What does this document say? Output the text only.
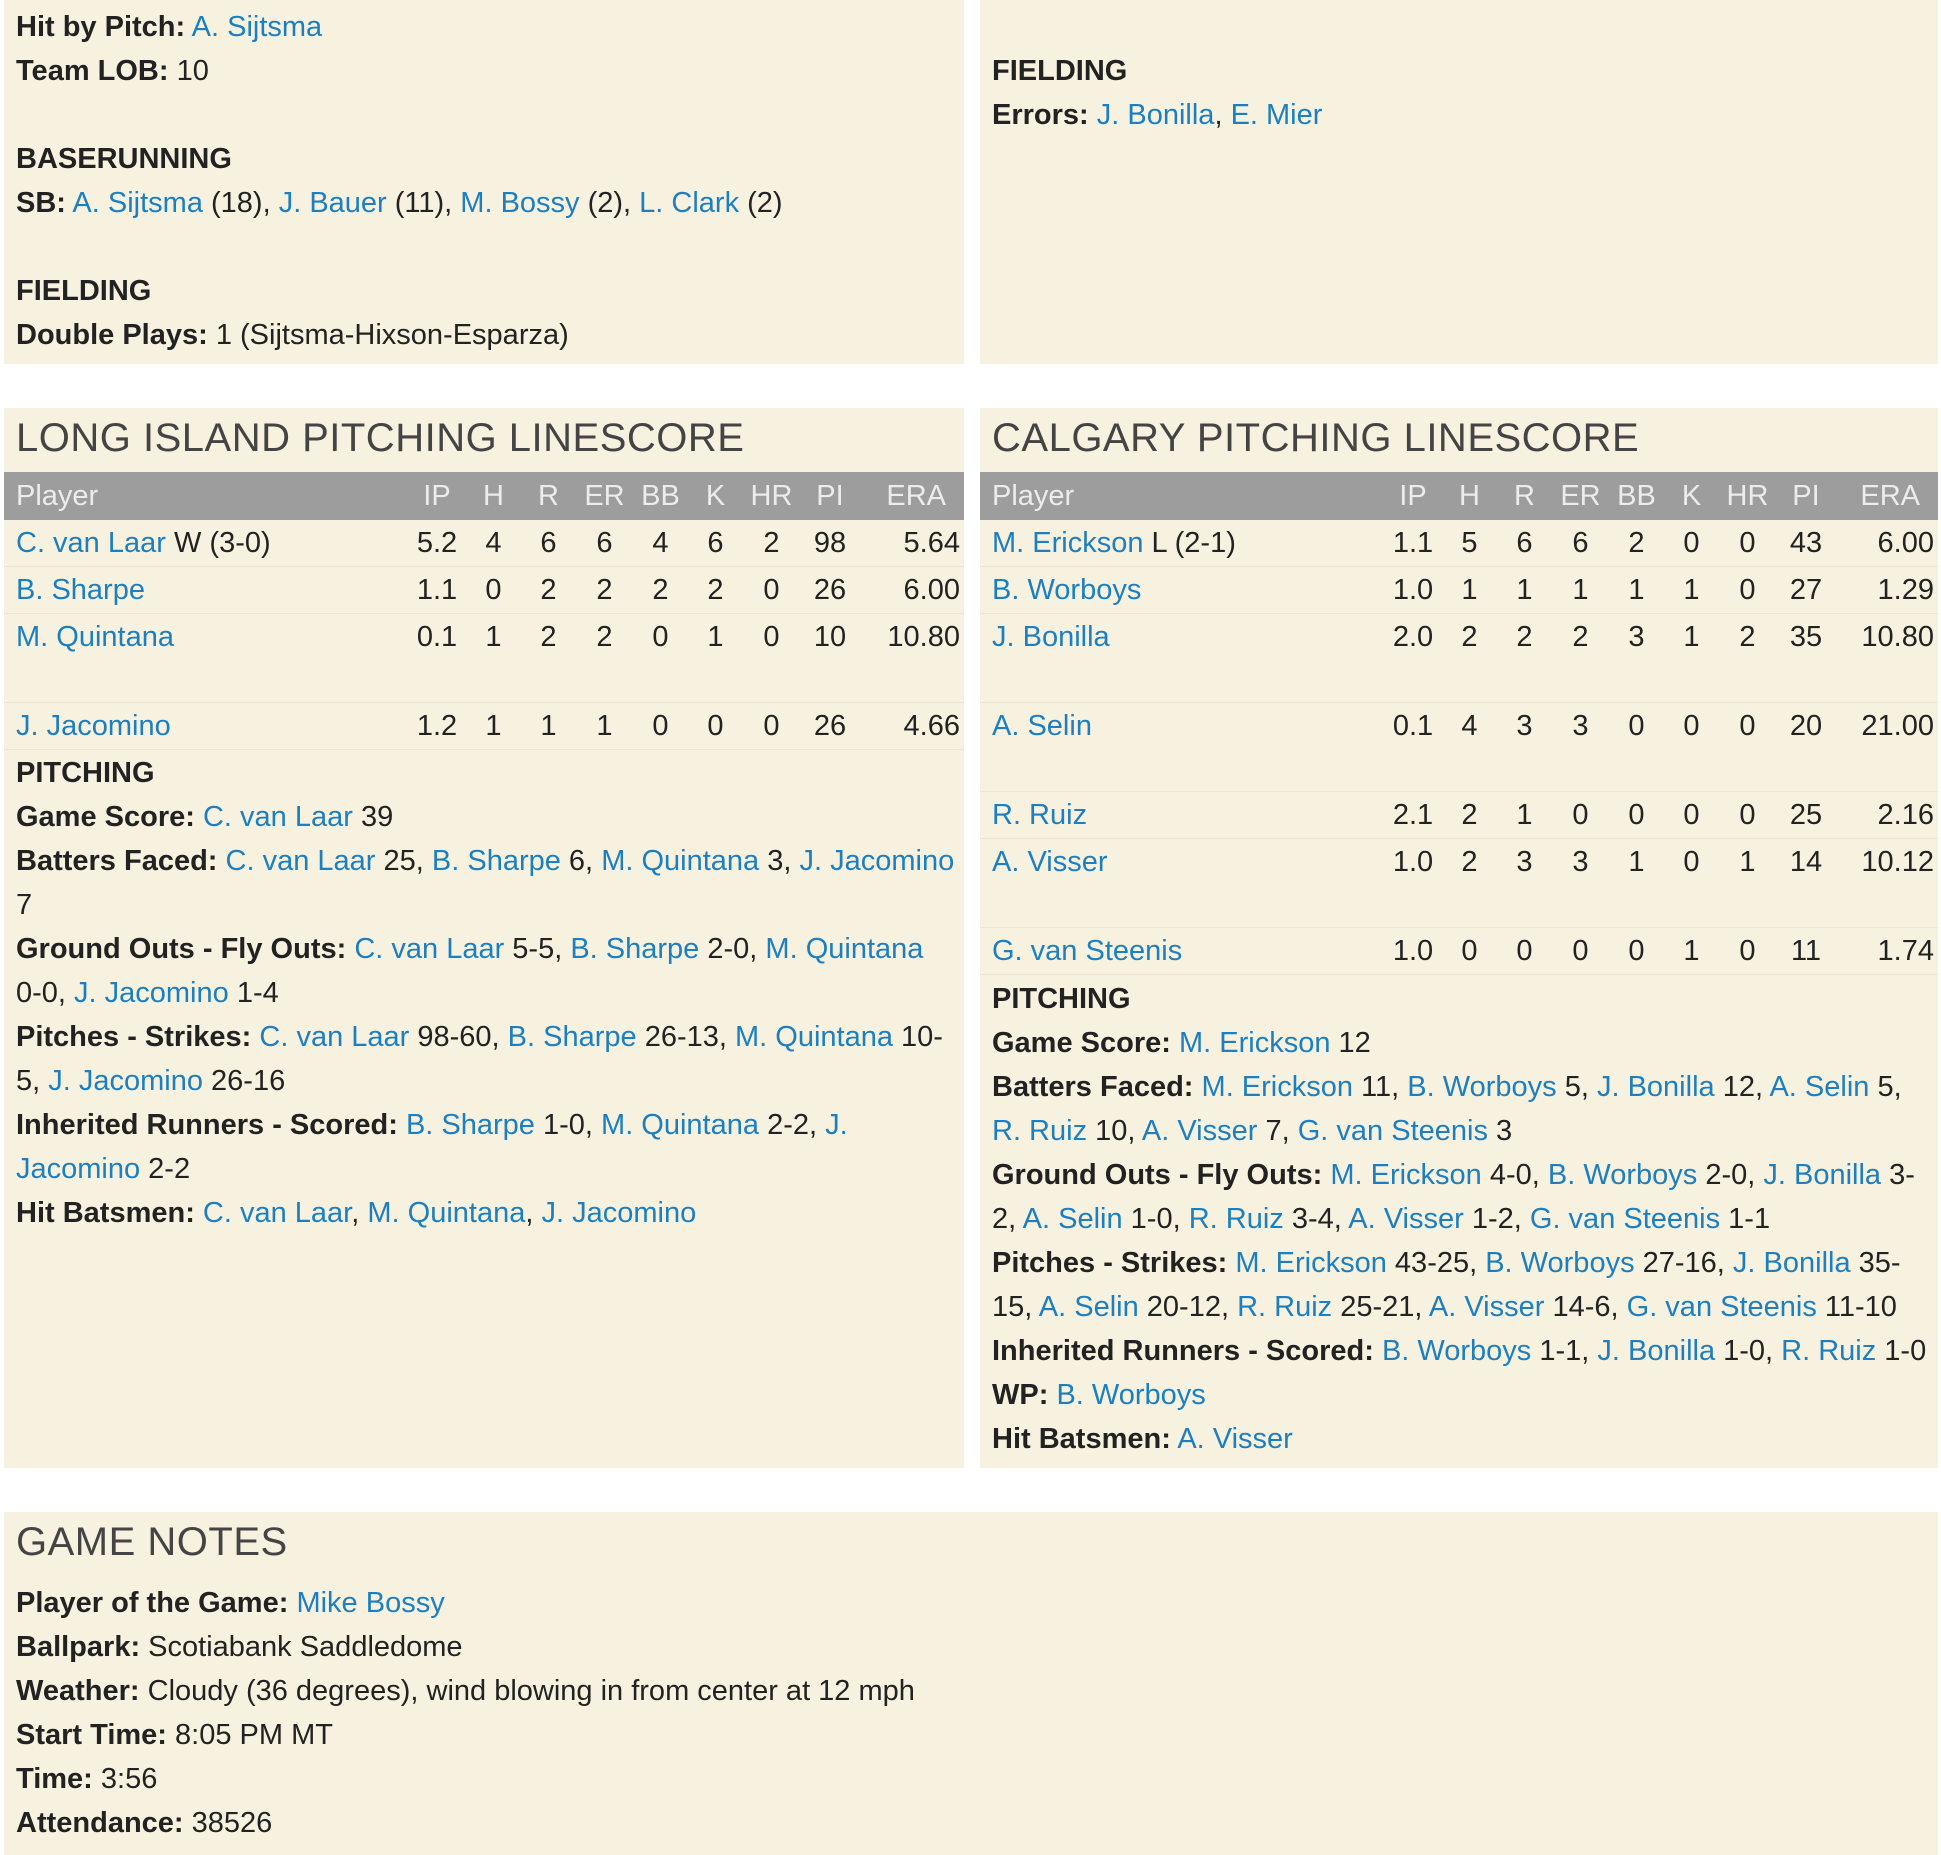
Hit by Pitch: A. Sijtsma
Team LOB: 10
BASERUNNING
SB: A. Sijtsma (18), J. Bauer (11), M. Bossy (2), L. Clark (2)
FIELDING
Double Plays: 1 (Sijtsma-Hixson-Esparza)
FIELDING
Errors: J. Bonilla, E. Mier
LONG ISLAND PITCHING LINESCORE
Player	IP	H	R	ER	BB	K	HR	PI	ERA
C. van Laar W (3-0)	5.2	4	6	6	4	6	2	98	5.64
B. Sharpe	1.1	0	2	2	2	2	0	26	6.00
M. Quintana	0.1	1	2	2	0	1	0	10	10.80
J. Jacomino	1.2	1	1	1	0	0	0	26	4.66
PITCHING
Game Score: C. van Laar 39
Batters Faced: C. van Laar 25, B. Sharpe 6, M. Quintana 3, J. Jacomino 7
Ground Outs - Fly Outs: C. van Laar 5-5, B. Sharpe 2-0, M. Quintana 0-0, J. Jacomino 1-4
Pitches - Strikes: C. van Laar 98-60, B. Sharpe 26-13, M. Quintana 10-5, J. Jacomino 26-16
Inherited Runners - Scored: B. Sharpe 1-0, M. Quintana 2-2, J. Jacomino 2-2
Hit Batsmen: C. van Laar, M. Quintana, J. Jacomino
CALGARY PITCHING LINESCORE
Player	IP	H	R	ER	BB	K	HR	PI	ERA
M. Erickson L (2-1)	1.1	5	6	6	2	0	0	43	6.00
B. Worboys	1.0	1	1	1	1	1	0	27	1.29
J. Bonilla	2.0	2	2	2	3	1	2	35	10.80
A. Selin	0.1	4	3	3	0	0	0	20	21.00
R. Ruiz	2.1	2	1	0	0	0	0	25	2.16
A. Visser	1.0	2	3	3	1	0	1	14	10.12
G. van Steenis	1.0	0	0	0	0	1	0	11	1.74
PITCHING
Game Score: M. Erickson 12
Batters Faced: M. Erickson 11, B. Worboys 5, J. Bonilla 12, A. Selin 5, R. Ruiz 10, A. Visser 7, G. van Steenis 3
Ground Outs - Fly Outs: M. Erickson 4-0, B. Worboys 2-0, J. Bonilla 3-2, A. Selin 1-0, R. Ruiz 3-4, A. Visser 1-2, G. van Steenis 1-1
Pitches - Strikes: M. Erickson 43-25, B. Worboys 27-16, J. Bonilla 35-15, A. Selin 20-12, R. Ruiz 25-21, A. Visser 14-6, G. van Steenis 11-10
Inherited Runners - Scored: B. Worboys 1-1, J. Bonilla 1-0, R. Ruiz 1-0
WP: B. Worboys
Hit Batsmen: A. Visser
GAME NOTES
Player of the Game: Mike Bossy
Ballpark: Scotiabank Saddledome
Weather: Cloudy (36 degrees), wind blowing in from center at 12 mph
Start Time: 8:05 PM MT
Time: 3:56
Attendance: 38526
